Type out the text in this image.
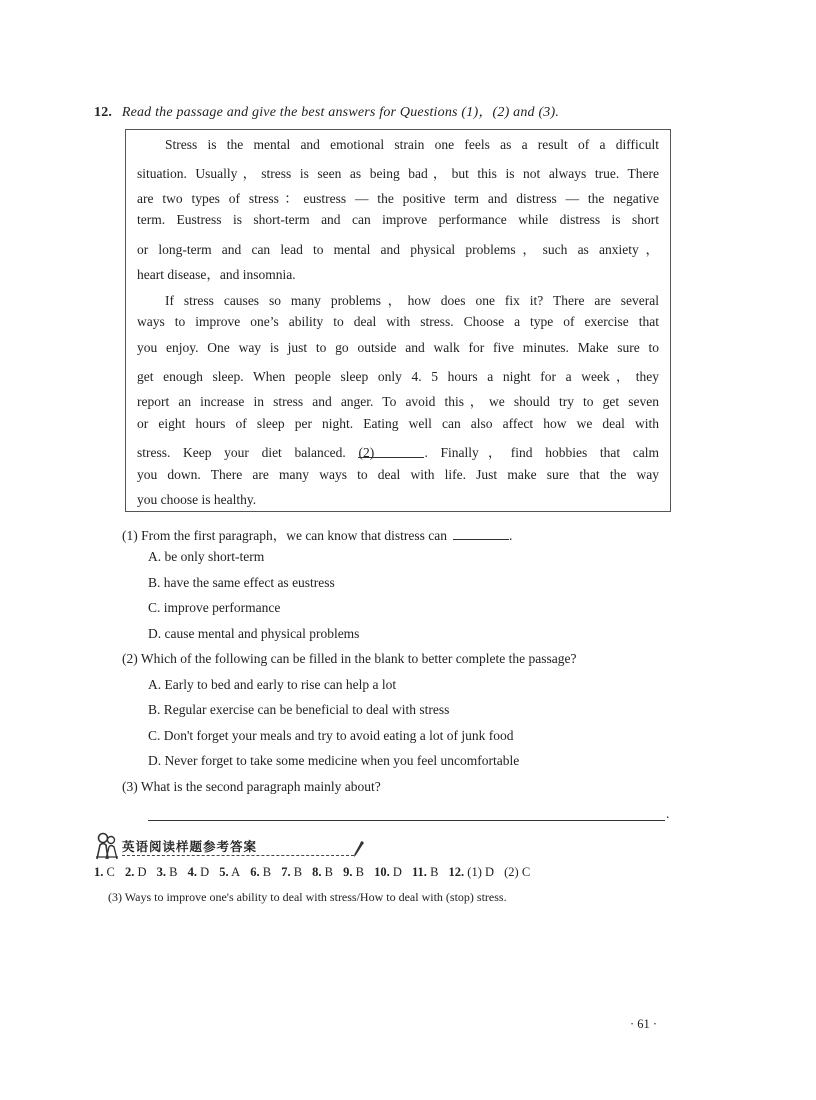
12. Read the passage and give the best answers for Questions (1)，(2) and (3).
Stress is the mental and emotional strain one feels as a result of a difficult
situation. Usually，stress is seen as being bad，but this is not always true. There
are two types of stress：eustress — the positive term and distress — the negative
term. Eustress is short-term and can improve performance while distress is short
or long-term and can lead to mental and physical problems，such as anxiety，
heart disease，and insomnia.
If stress causes so many problems，how does one fix it? There are several
ways to improve one’s ability to deal with stress. Choose a type of exercise that
you enjoy. One way is just to go outside and walk for five minutes. Make sure to
get enough sleep. When people sleep only 4. 5 hours a night for a week，they
report an increase in stress and anger. To avoid this，we should try to get seven
or eight hours of sleep per night. Eating well can also affect how we deal with
stress. Keep your diet balanced. (2)	. Finally，find hobbies that calm
you down. There are many ways to deal with life. Just make sure that the way
you choose is healthy.
(1) From the first paragraph，we can know that distress can	.
A. be only short-term
B. have the same effect as eustress
C. improve performance
D. cause mental and physical problems
(2) Which of the following can be filled in the blank to better complete the passage?
A. Early to bed and early to rise can help a lot
B. Regular exercise can be beneficial to deal with stress
C. Don't forget your meals and try to avoid eating a lot of junk food
D. Never forget to take some medicine when you feel uncomfortable
(3) What is the second paragraph mainly about?
.
英语阅读样题参考答案
1. C 2. D 3. B 4. D 5. A 6. B 7. B 8. B 9. B 10. D 11. B 12. (1) D (2) C
(3) Ways to improve one's ability to deal with stress/How to deal with (stop) stress.
· 61 ·
